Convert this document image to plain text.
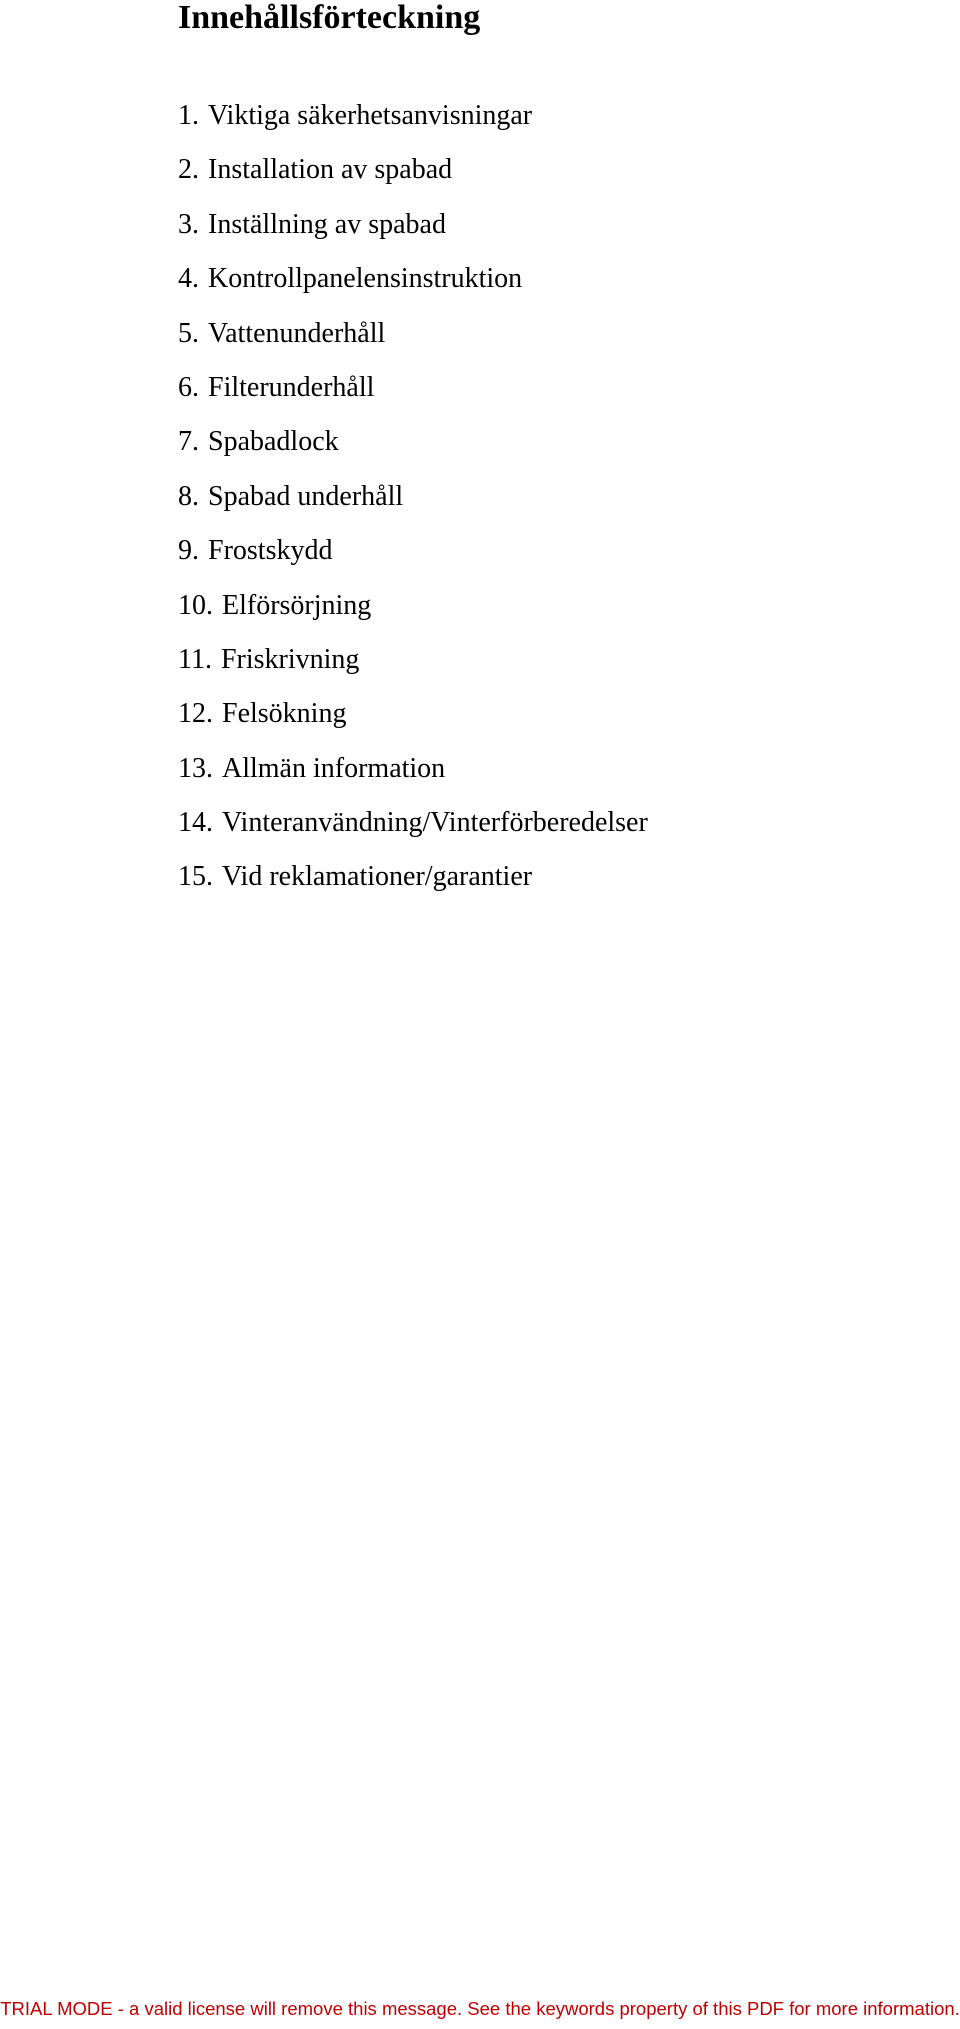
Innehållsförteckning
1. Viktiga säkerhetsanvisningar
2. Installation av spabad
3. Inställning av spabad
4. Kontrollpanelensinstruktion
5. Vattenunderhåll
6. Filterunderhåll
7. Spabadlock
8. Spabad underhåll
9. Frostskydd
10. Elförsörjning
11. Friskrivning
12. Felsökning
13. Allmän information
14. Vinteranvändning/Vinterförberedelser
15. Vid reklamationer/garantier
TRIAL MODE - a valid license will remove this message. See the keywords property of this PDF for more information.
